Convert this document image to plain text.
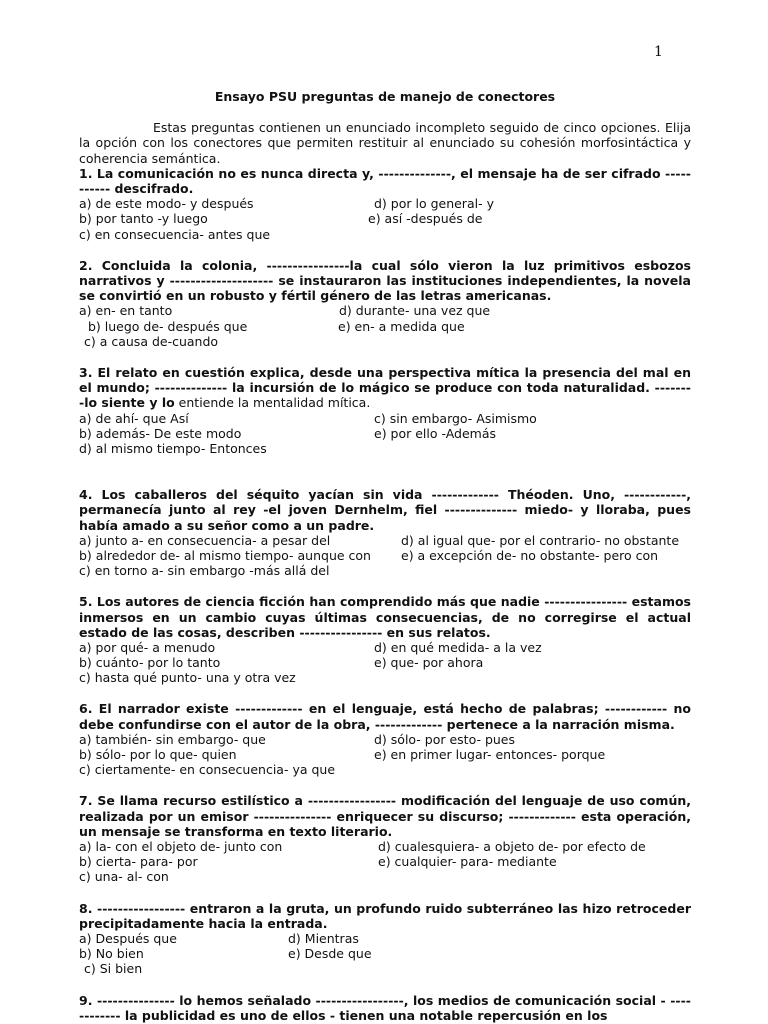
1

Ensayo PSU preguntas de manejo de conectores

Estas preguntas contienen un enunciado incompleto seguido de cinco opciones. Elija la opción con los conectores que permiten restituir al enunciado su cohesión morfosintáctica y coherencia semántica.

1. La comunicación no es nunca directa y, --------------, el mensaje ha de ser cifrado ----------- descifrado.

a) de este modo- y después	d) por lo general- y
b) por tanto -y luego	e) así -después de
c) en consecuencia- antes que

2. Concluida la colonia, ----------------la cual sólo vieron la luz primitivos esbozos narrativos y -------------------- se instauraron las instituciones independientes, la novela se convirtió en un robusto y fértil género de las letras americanas.

a) en- en tanto	d) durante- una vez que
b) luego de- después que	e) en- a medida que
c) a causa de-cuando

3. El relato en cuestión explica, desde una perspectiva mítica la presencia del mal en el mundo; -------------- la incursión de lo mágico se produce con toda naturalidad. --------lo siente y lo entiende la mentalidad mítica.

a) de ahí- que Así	c) sin embargo- Asimismo
b) además- De este modo	e) por ello -Además
d) al mismo tiempo- Entonces

4. Los caballeros del séquito yacían sin vida ------------- Théoden. Uno, ------------, permanecía junto al rey -el joven Dernhelm, fiel -------------- miedo- y lloraba, pues había amado a su señor como a un padre.

a) junto a- en consecuencia- a pesar del	d) al igual que- por el contrario- no obstante
b) alrededor de- al mismo tiempo- aunque con e) a excepción de- no obstante- pero con
c) en torno a- sin embargo -más allá del

5. Los autores de ciencia ficción han comprendido más que nadie ---------------- estamos inmersos en un cambio cuyas últimas consecuencias, de no corregirse el actual estado de las cosas, describen ---------------- en sus relatos.

a) por qué- a menudo	d) en qué medida- a la vez
b) cuánto- por lo tanto	e) que- por ahora
c) hasta qué punto- una y otra vez

6. El narrador existe ------------- en el lenguaje, está hecho de palabras; ------------ no debe confundirse con el autor de la obra, ------------- pertenece a la narración misma.

a) también- sin embargo- que	d) sólo- por esto- pues
b) sólo- por lo que- quien	e) en primer lugar- entonces- porque
c) ciertamente- en consecuencia- ya que

7. Se llama recurso estilístico a ----------------- modificación del lenguaje de uso común, realizada por un emisor --------------- enriquecer su discurso; ------------- esta operación, un mensaje se transforma en texto literario.

a) la- con el objeto de- junto con	d) cualesquiera- a objeto de- por efecto de
b) cierta- para- por	e) cualquier- para- mediante
c) una- al- con

8. ----------------- entraron a la gruta, un profundo ruido subterráneo las hizo retroceder precipitadamente hacia la entrada.

a) Después que	d) Mientras
b) No bien	e) Desde que
c) Si bien

9. --------------- lo hemos señalado -----------------, los medios de comunicación social - ------------ la publicidad es uno de ellos - tienen una notable repercusión en los
